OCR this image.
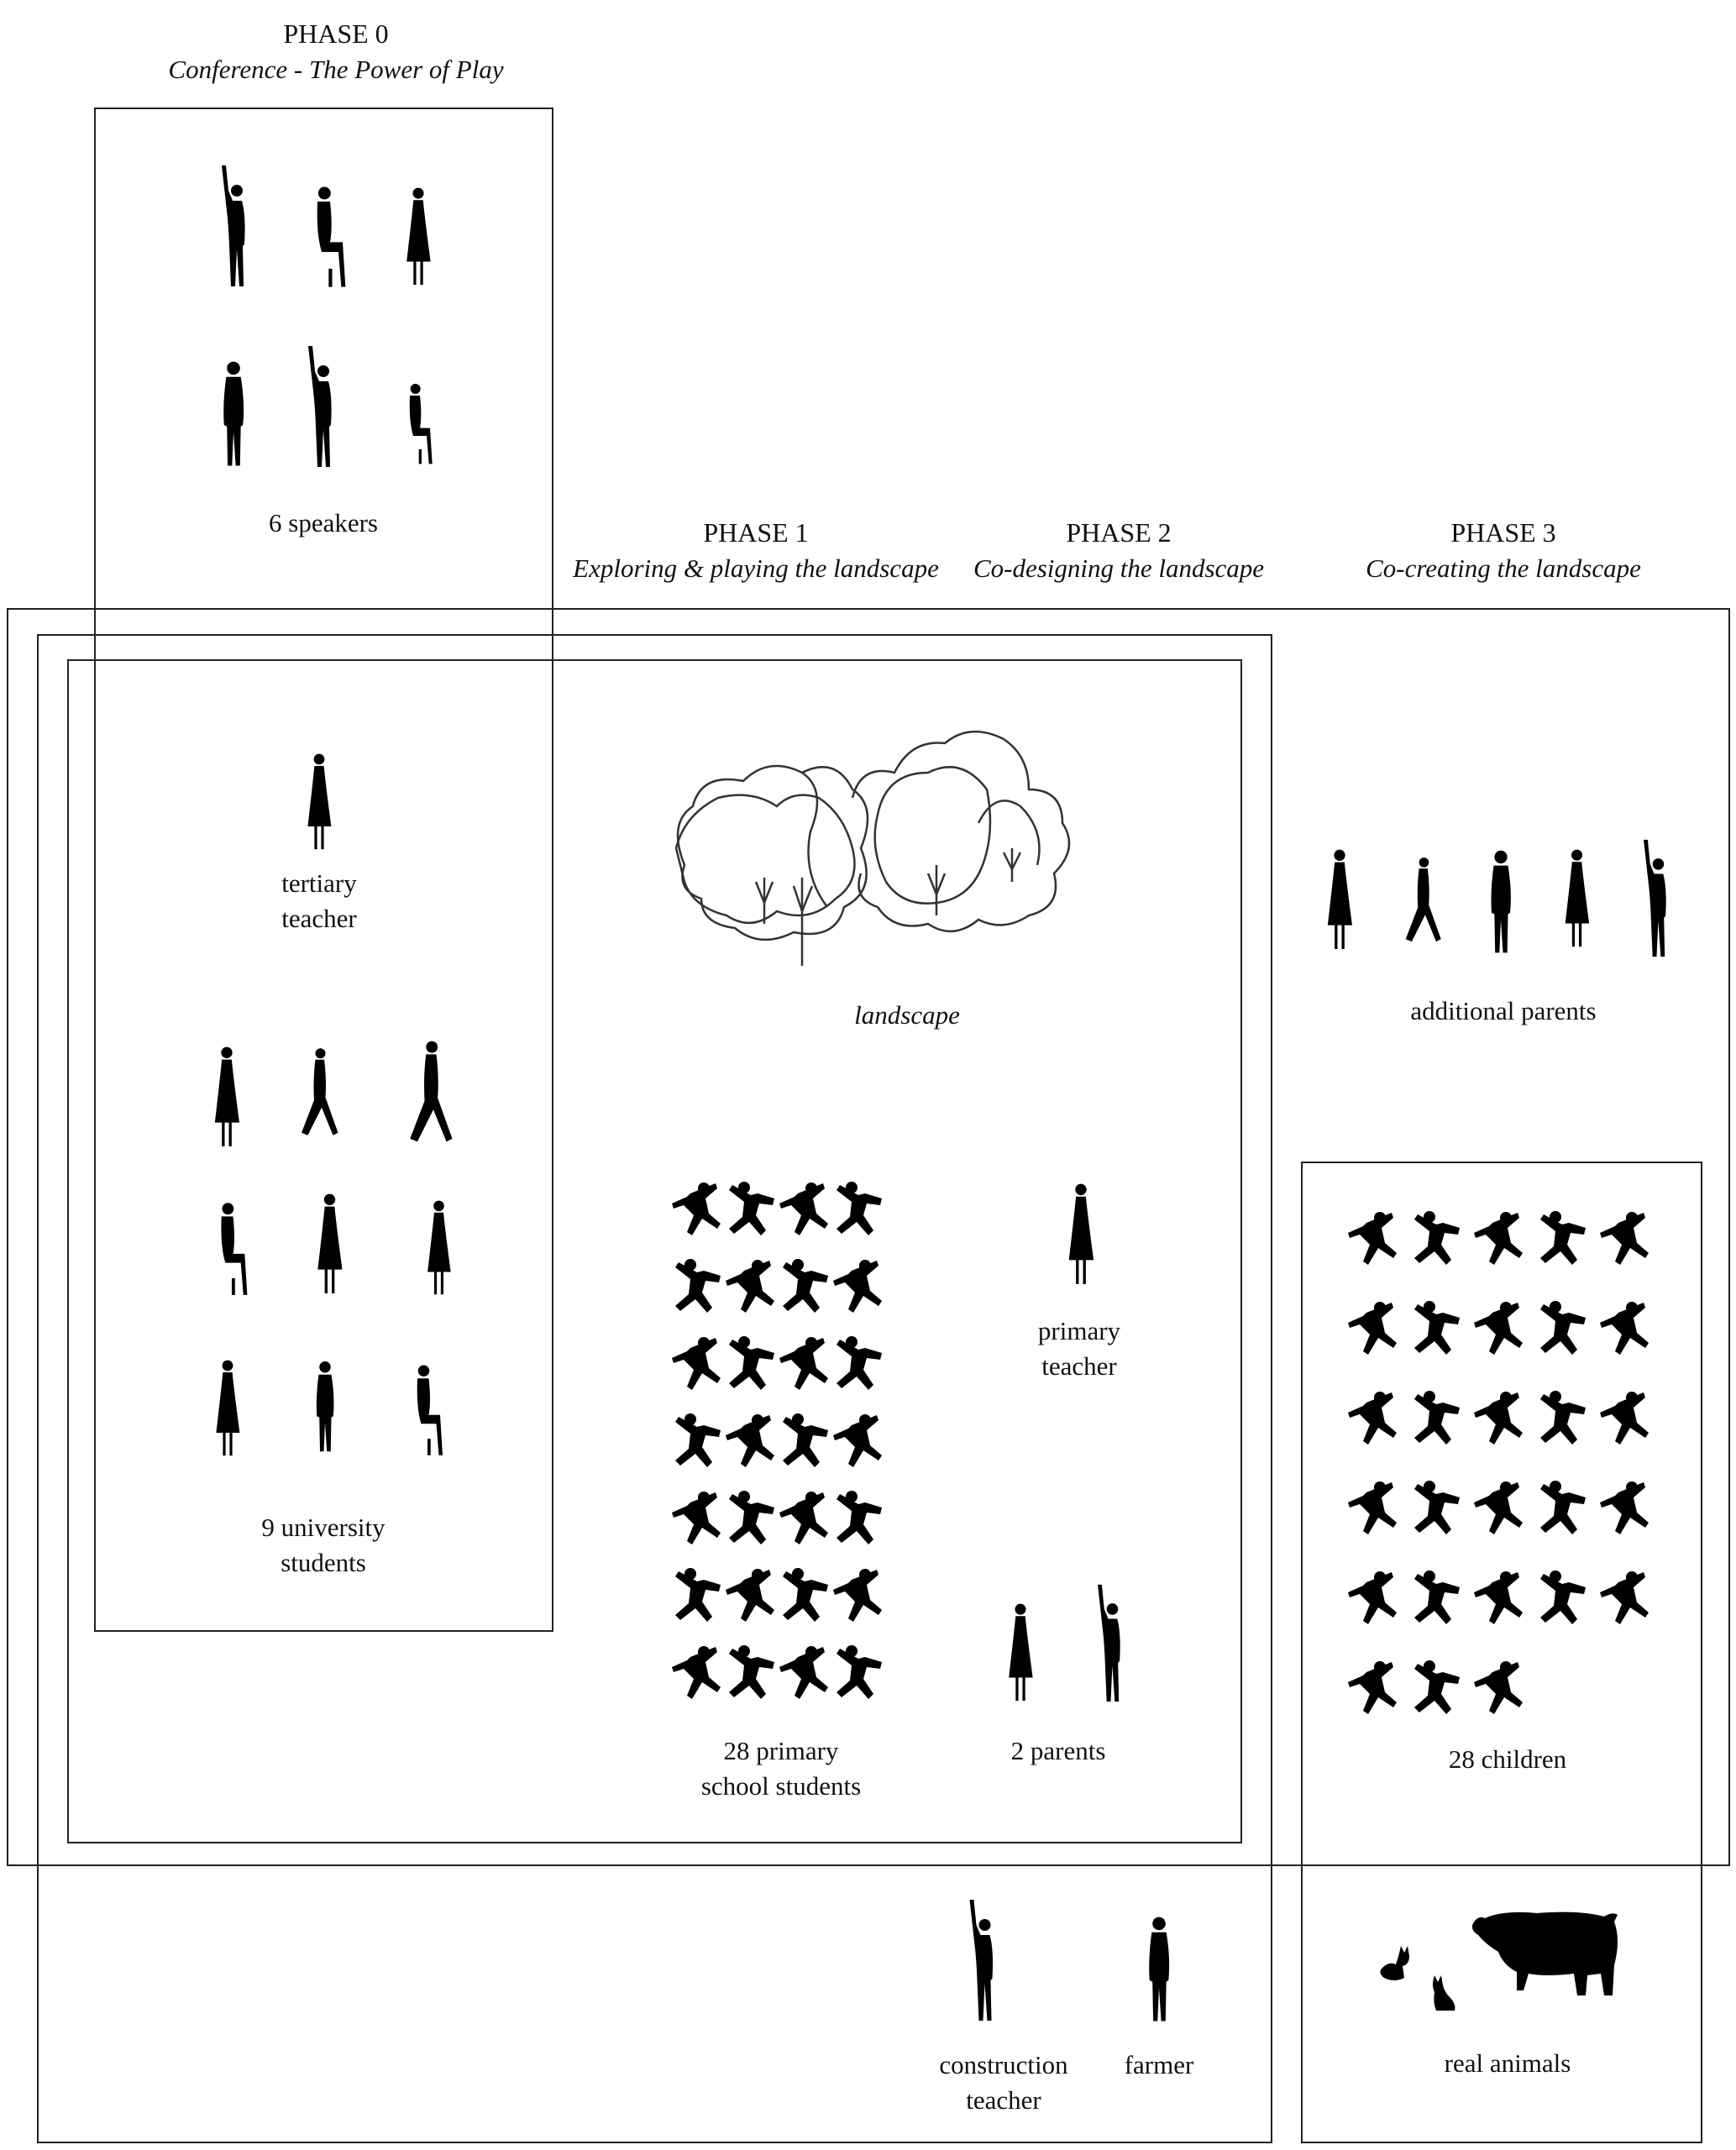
PHASE 0
Conference - The Power of Play
PHASE 1
Exploring & playing the landscape
PHASE 2
Co-designing the landscape
PHASE 3
Co-creating the landscape
6 speakers
tertiary
teacher
9 university
students
landscape
28 primary
school students
primary
teacher
2 parents
additional parents
28 children
construction
teacher
farmer	real animals
